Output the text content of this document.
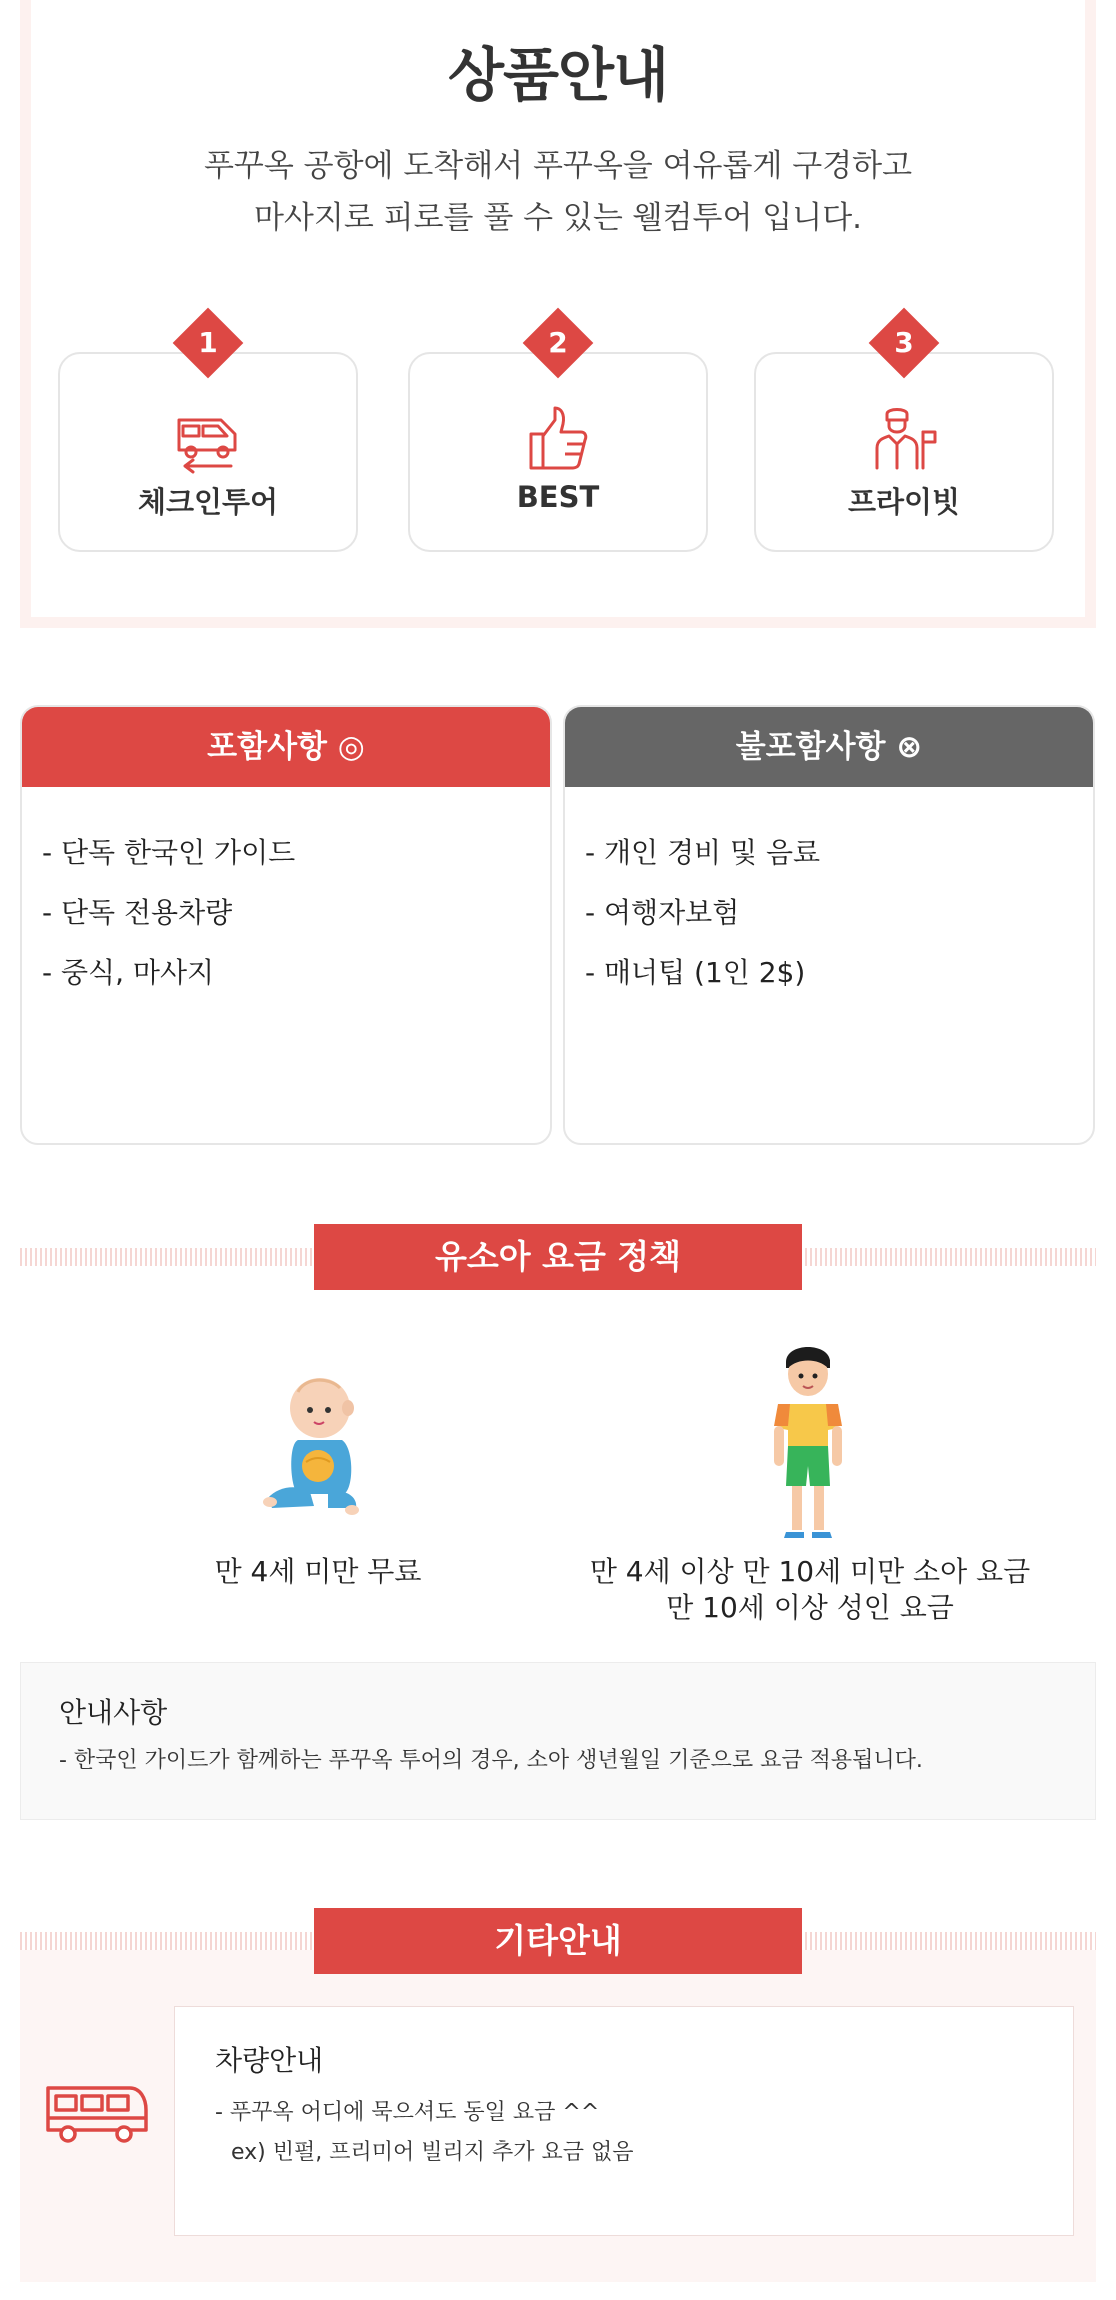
상품안내
푸꾸옥 공항에 도착해서 푸꾸옥을 여유롭게 구경하고
마사지로 피로를 풀 수 있는 웰컴투어 입니다.
1
체크인투어
2
BEST
3
프라이빗
포함사항 ◎
- 단독 한국인 가이드
- 단독 전용차량
- 중식, 마사지
불포함사항 ⊗
- 개인 경비 및 음료
- 여행자보험
- 매너팁 (1인 2$)
유소아 요금 정책
만 4세 미만 무료	만 4세 이상 만 10세 미만 소아 요금
만 10세 이상 성인 요금
안내사항
- 한국인 가이드가 함께하는 푸꾸옥 투어의 경우, 소아 생년월일 기준으로 요금 적용됩니다.
기타안내
차량안내
- 푸꾸옥 어디에 묵으셔도 동일 요금 ^^
ex) 빈펄, 프리미어 빌리지 추가 요금 없음
